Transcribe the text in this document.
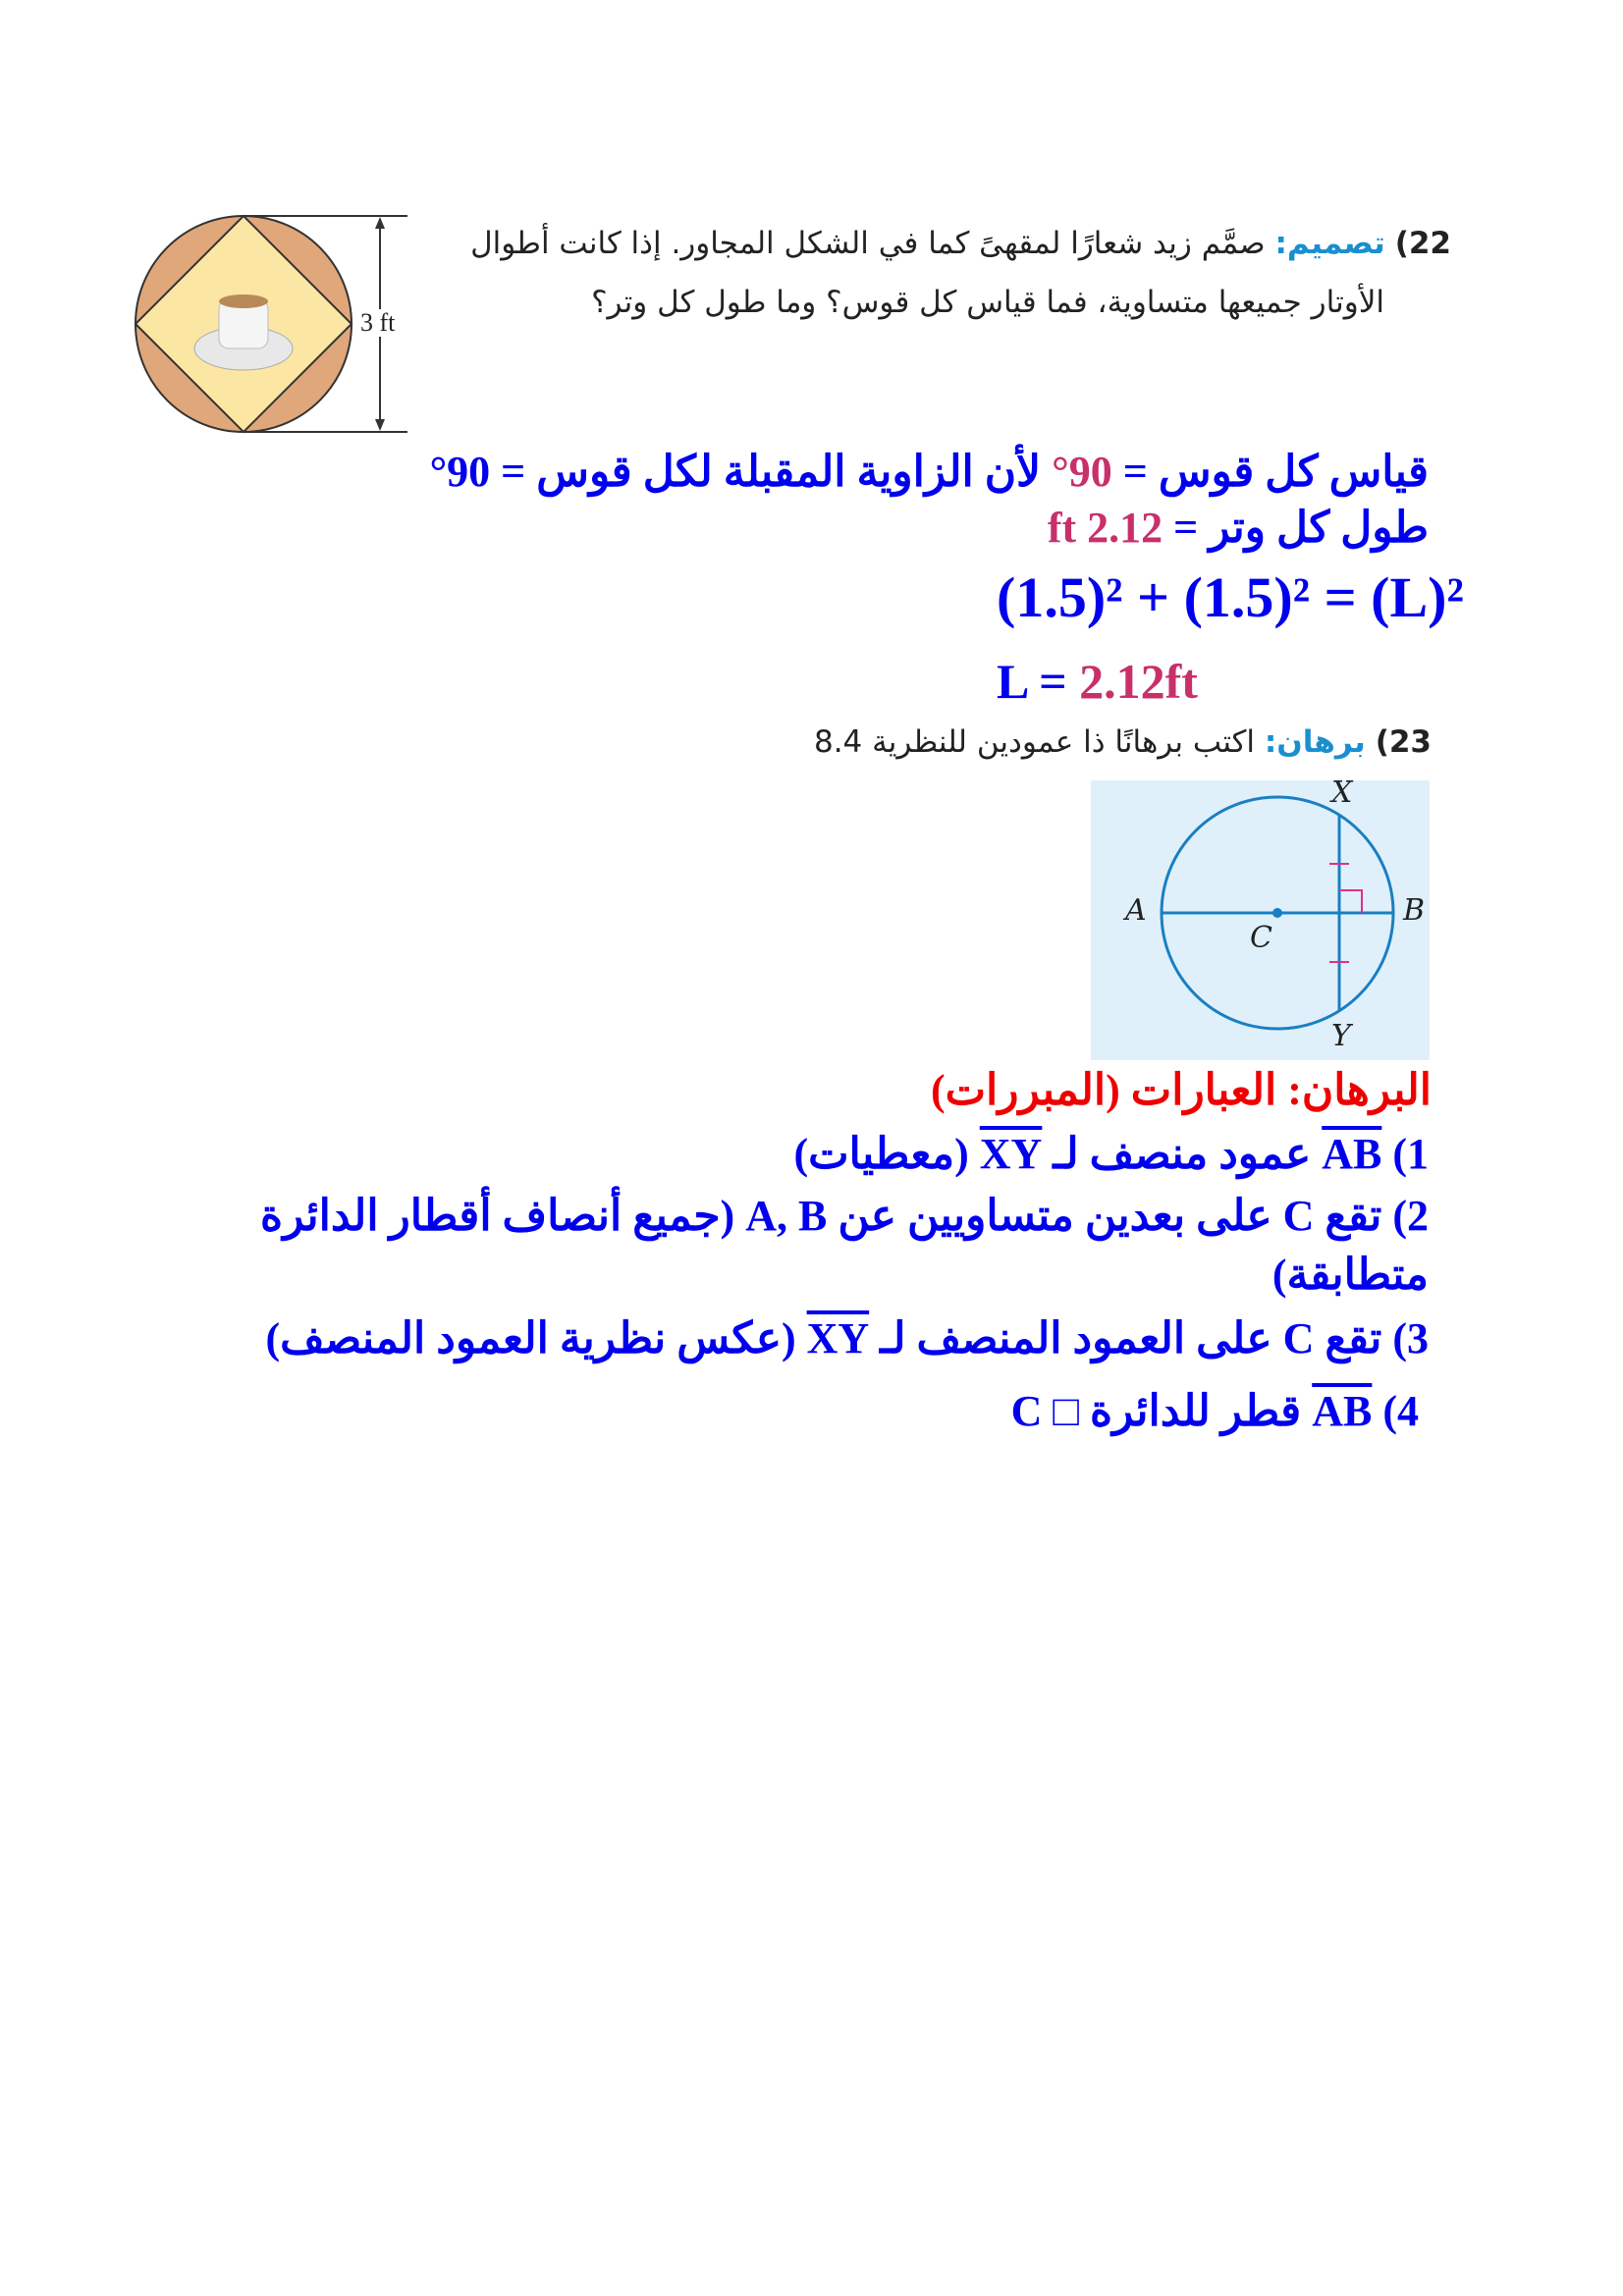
3 ft
22) تصميم: صمَّم زيد شعارًا لمقهىً كما في الشكل المجاور. إذا كانت أطوال
الأوتار جميعها متساوية، فما قياس كل قوس؟ وما طول كل وتر؟
قياس كل قوس = 90° لأن الزاوية المقبلة لكل قوس = 90°
طول كل وتر = 2.12 ft
(1.5)² + (1.5)² = (L)²
L = 2.12ft
23) برهان: اكتب برهانًا ذا عمودين للنظرية 8.4
A	B
C
X
Y
البرهان: العبارات (المبررات)
1) AB عمود منصف لـ XY (معطيات)
2) تقع C على بعدين متساويين عن A, B (جميع أنصاف أقطار الدائرة
متطابقة)
3) تقع C على العمود المنصف لـ XY (عكس نظرية العمود المنصف)
4) AB قطر للدائرة C □
